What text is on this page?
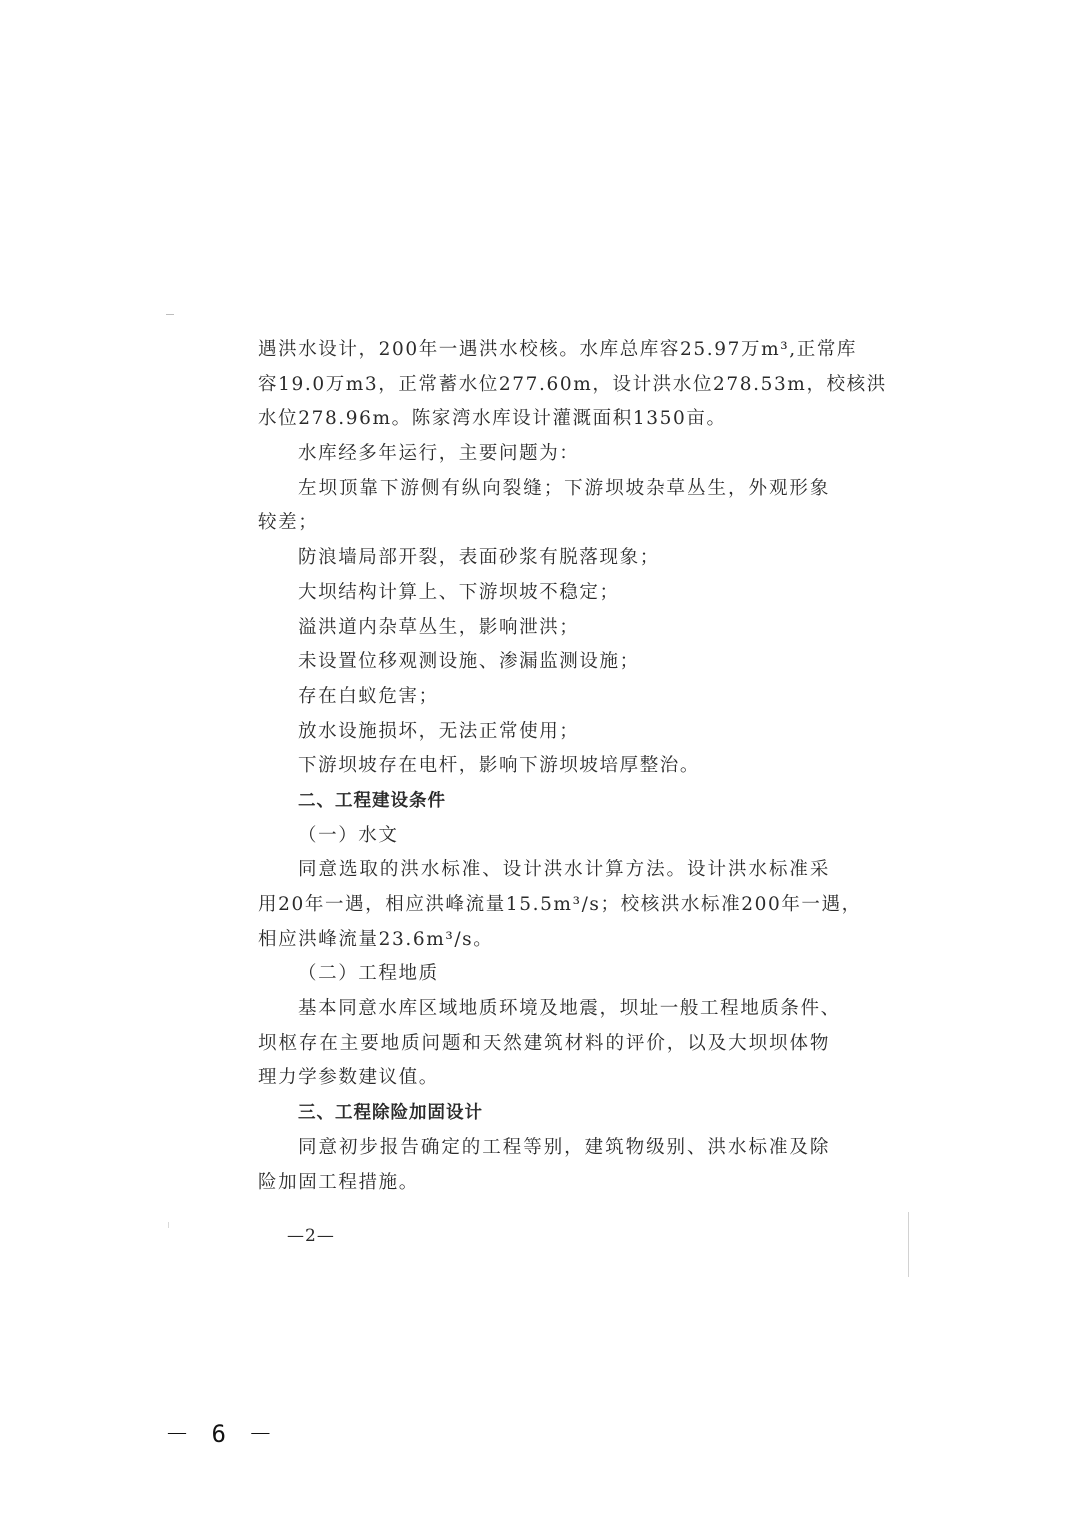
遇洪水设计，200年一遇洪水校核。水库总库容25.97万m³,正常库
容19.0万m3，正常蓄水位277.60m，设计洪水位278.53m，校核洪
水位278.96m。陈家湾水库设计灌溉面积1350亩。
水库经多年运行，主要问题为：
左坝顶靠下游侧有纵向裂缝；下游坝坡杂草丛生，外观形象
较差；
防浪墙局部开裂，表面砂浆有脱落现象；
大坝结构计算上、下游坝坡不稳定；
溢洪道内杂草丛生，影响泄洪；
未设置位移观测设施、渗漏监测设施；
存在白蚁危害；
放水设施损坏，无法正常使用；
下游坝坡存在电杆，影响下游坝坡培厚整治。
二、工程建设条件
（一）水文
同意选取的洪水标准、设计洪水计算方法。设计洪水标准采
用20年一遇，相应洪峰流量15.5m³/s；校核洪水标准200年一遇，
相应洪峰流量23.6m³/s。
（二）工程地质
基本同意水库区域地质环境及地震，坝址一般工程地质条件、
坝枢存在主要地质问题和天然建筑材料的评价，以及大坝坝体物
理力学参数建议值。
三、工程除险加固设计
同意初步报告确定的工程等别，建筑物级别、洪水标准及除
险加固工程措施。
—2—
－ 6 －
